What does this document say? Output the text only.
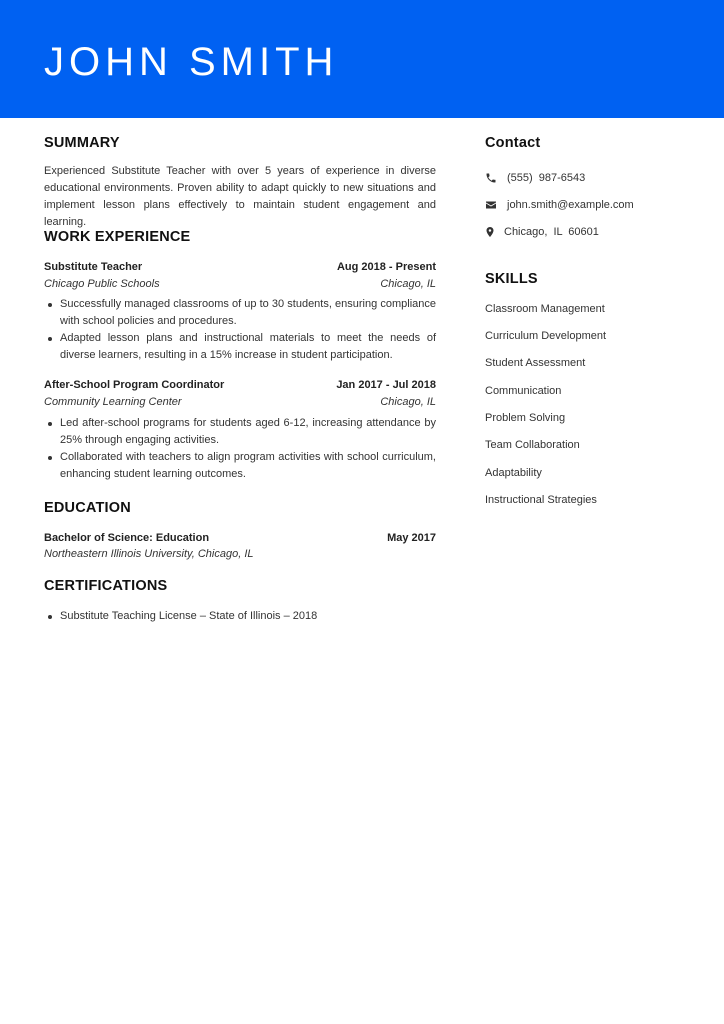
JOHN SMITH
SUMMARY
Experienced Substitute Teacher with over 5 years of experience in diverse educational environments. Proven ability to adapt quickly to new situations and implement lesson plans effectively to maintain student engagement and learning.
WORK EXPERIENCE
Substitute Teacher	Aug 2018 - Present
Chicago Public Schools	Chicago, IL
Successfully managed classrooms of up to 30 students, ensuring compliance with school policies and procedures.
Adapted lesson plans and instructional materials to meet the needs of diverse learners, resulting in a 15% increase in student participation.
After-School Program Coordinator	Jan 2017 - Jul 2018
Community Learning Center	Chicago, IL
Led after-school programs for students aged 6-12, increasing attendance by 25% through engaging activities.
Collaborated with teachers to align program activities with school curriculum, enhancing student learning outcomes.
EDUCATION
Bachelor of Science: Education	May 2017
Northeastern Illinois University, Chicago, IL
CERTIFICATIONS
Substitute Teaching License – State of Illinois – 2018
Contact
(555) 987-6543
john.smith@example.com
Chicago, IL 60601
SKILLS
Classroom Management
Curriculum Development
Student Assessment
Communication
Problem Solving
Team Collaboration
Adaptability
Instructional Strategies
